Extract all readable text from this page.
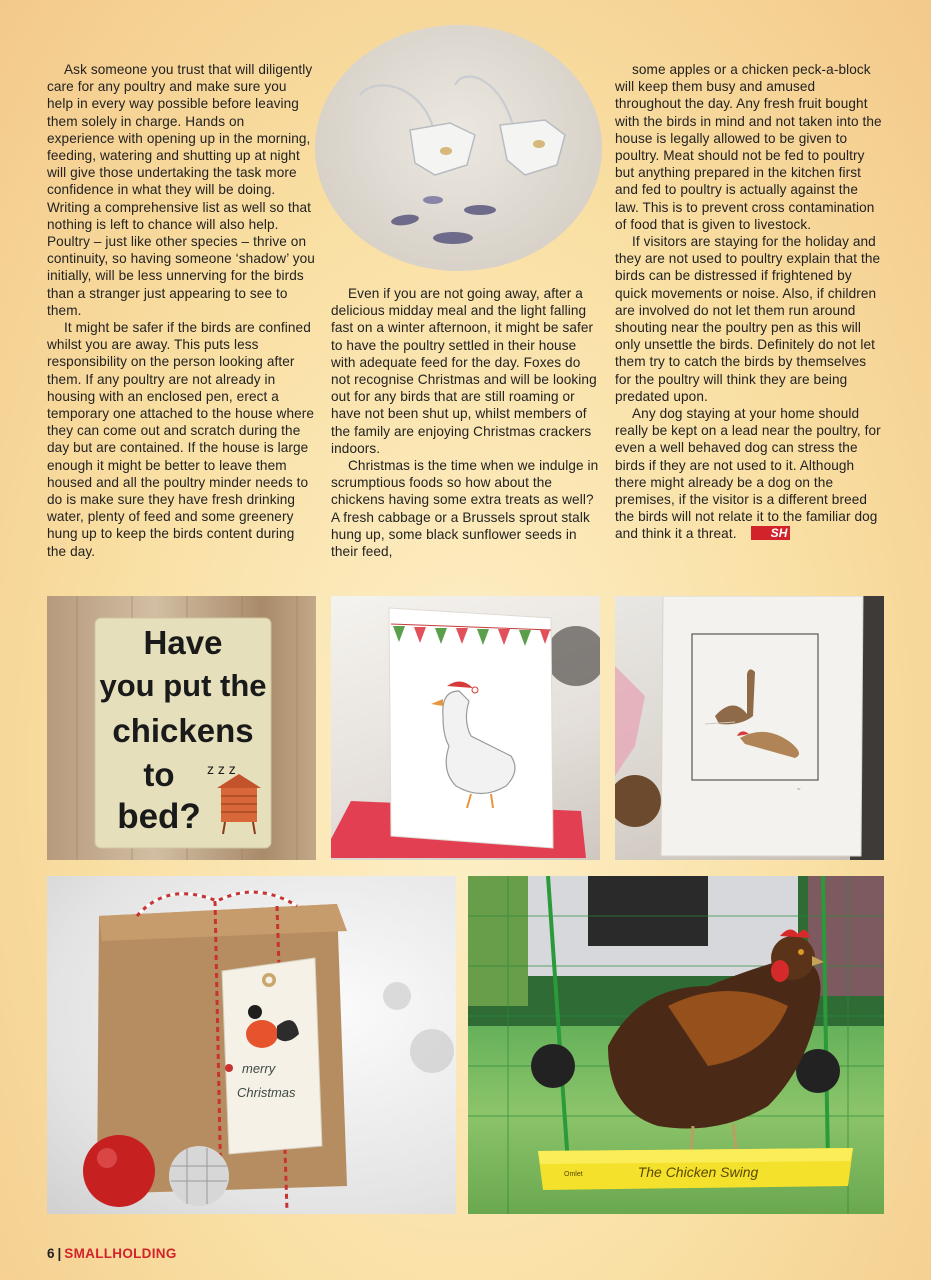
Ask someone you trust that will diligently care for any poultry and make sure you help in every way possible before leaving them solely in charge. Hands on experience with opening up in the morning, feeding, watering and shutting up at night will give those undertaking the task more confidence in what they will be doing. Writing a comprehensive list as well so that nothing is left to chance will also help. Poultry – just like other species – thrive on continuity, so having someone ‘shadow’ you initially, will be less unnerving for the birds than a stranger just appearing to see to them.

It might be safer if the birds are confined whilst you are away. This puts less responsibility on the person looking after them. If any poultry are not already in housing with an enclosed pen, erect a temporary one attached to the house where they can come out and scratch during the day but are contained. If the house is large enough it might be better to leave them housed and all the poultry minder needs to do is make sure they have fresh drinking water, plenty of feed and some greenery hung up to keep the birds content during the day.

Even if you are not going away, after a delicious midday meal and the light falling fast on a winter afternoon, it might be safer to have the poultry settled in their house with adequate feed for the day. Foxes do not recognise Christmas and will be looking out for any birds that are still roaming or have not been shut up, whilst members of the family are enjoying Christmas crackers indoors.

Christmas is the time when we indulge in scrumptious foods so how about the chickens having some extra treats as well? A fresh cabbage or a Brussels sprout stalk hung up, some black sunflower seeds in their feed,

some apples or a chicken peck-a-block will keep them busy and amused throughout the day. Any fresh fruit bought with the birds in mind and not taken into the house is legally allowed to be given to poultry. Meat should not be fed to poultry but anything prepared in the kitchen first and fed to poultry is actually against the law. This is to prevent cross contamination of food that is given to livestock.

If visitors are staying for the holiday and they are not used to poultry explain that the birds can be distressed if frightened by quick movements or noise. Also, if children are involved do not let them run around shouting near the poultry pen as this will only unsettle the birds. Definitely do not let them try to catch the birds by themselves for the poultry will think they are being predated upon.

Any dog staying at your home should really be kept on a lead near the poultry, for even a well behaved dog can stress the birds if they are not used to it. Although there might already be a dog on the premises, if the visitor is a different breed the birds will not relate it to the familiar dog and think it a threat.	SH

Have
you put the
chickens
to z z z
bed?
~
merry
Christmas
The Chicken Swing
Omlet
6 | SMALLHOLDING
